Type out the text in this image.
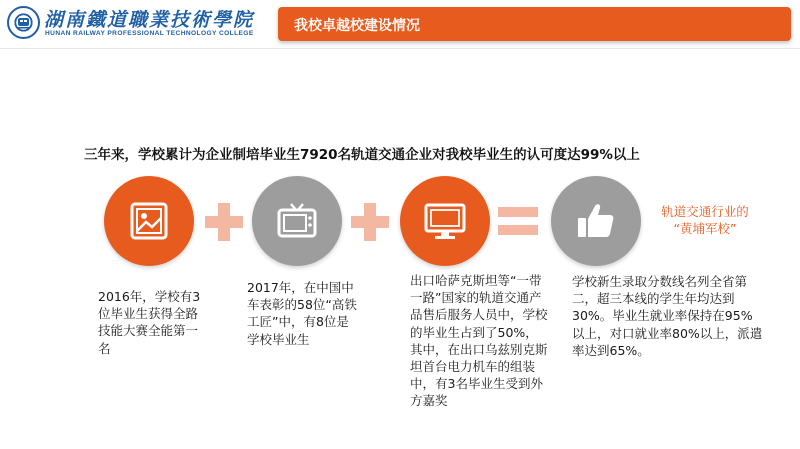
湖南鐵道職業技術學院
HUNAN RAILWAY PROFESSIONAL TECHNOLOGY COLLEGE	我校卓越校建设情况
三年来，学校累计为企业制培毕业生7920名轨道交通企业对我校毕业生的认可度达99%以上
轨道交通行业的
“黄埔军校”
2016年，学校有3位毕业生获得全路技能大赛全能第一名
2017年，在中国中车表彰的58位“高铁工匠”中，有8位是学校毕业生
出口哈萨克斯坦等“一带一路”国家的轨道交通产品售后服务人员中，学校的毕业生占到了50%，其中，在出口乌兹别克斯坦首台电力机车的组装中，有3名毕业生受到外方嘉奖
学校新生录取分数线名列全省第二，超三本线的学生年均达到30%。毕业生就业率保持在95%以上，对口就业率80%以上，派遣率达到65%。
